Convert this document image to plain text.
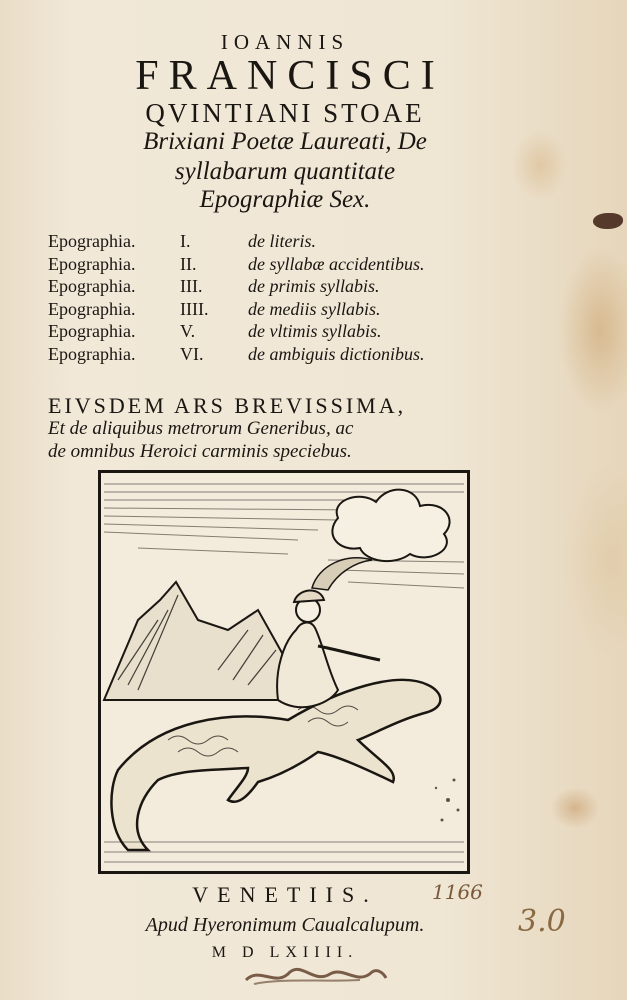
IOANNIS
FRANCISCI
QVINTIANI STOAE
Brixiani Poetæ Laureati, De
syllabarum quantitate
Epographiæ Sex.
Epographia. I.	de literis.
Epographia. II.	de syllabæ accidentibus.
Epographia. III.	de primis syllabis.
Epographia. IIII. de mediis syllabis.
Epographia. V.	de vltimis syllabis.
Epographia. VI. de ambiguis dictionibus.
EIVSDEM ARS BREVISSIMA,
Et de aliquibus metrorum Generibus, ac
de omnibus Heroici carminis speciebus.
VENETIIS.
Apud Hyeronimum Caualcalupum.
M D LXIIII.
1166
3.0
